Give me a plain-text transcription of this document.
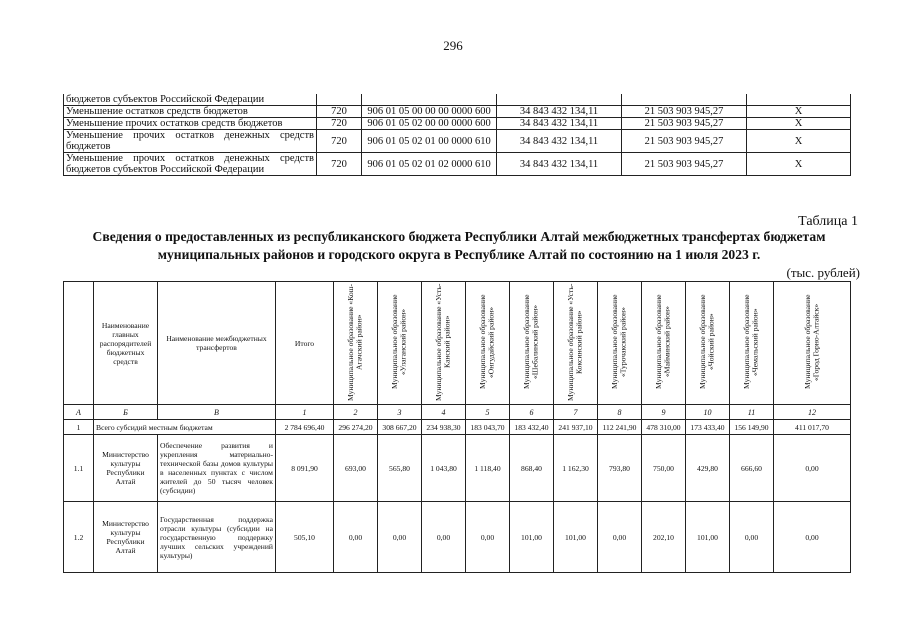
296
бюджетов субъектов Российской Федерации					
Уменьшение остатков средств бюджетов	720	906 01 05 00 00 00 0000 600	34 843 432 134,11	21 503 903 945,27	X
Уменьшение прочих остатков средств бюджетов	720	906 01 05 02 00 00 0000 600	34 843 432 134,11	21 503 903 945,27	X
Уменьшение прочих остатков денежных средств бюджетов	720	906 01 05 02 01 00 0000 610	34 843 432 134,11	21 503 903 945,27	X
Уменьшение прочих остатков денежных средств бюджетов субъектов Российской Федерации	720	906 01 05 02 01 02 0000 610	34 843 432 134,11	21 503 903 945,27	X
Таблица 1
Сведения о предоставленных из республиканского бюджета Республики Алтай межбюджетных трансфертах бюджетам муниципальных районов и городского округа в Республике Алтай по состоянию на 1 июля 2023 г.
(тыс. рублей)
	Наименование главных распорядителей бюджетных средств	Наименование межбюджетных трансфертов	Итого	Муниципальное образование «Кош-Агачский район»	Муниципальное образование «Улаганский район»	Муниципальное образование «Усть-Канский район»	Муниципальное образование «Онгудайский район»	Муниципальное образование «Шебалинский район»	Муниципальное образование «Усть-Коксинский район»	Муниципальное образование «Турочакский район»	Муниципальное образование «Майминский район»	Муниципальное образование «Чойский район»	Муниципальное образование «Чемальский район»	Муниципальное образование «Город Горно-Алтайск»
А	Б	В	1	2	3	4	5	6	7	8	9	10	11	12
1	Всего субсидий местным бюджетам		2 784 696,40	296 274,20	308 667,20	234 938,30	183 043,70	183 432,40	241 937,10	112 241,90	478 310,00	173 433,40	156 149,90	411 017,70
1.1	Министерство культуры Республики Алтай	Обеспечение развития и укрепления материально-технической базы домов культуры в населенных пунктах с числом жителей до 50 тысяч человек (субсидии)	8 091,90	693,00	565,80	1 043,80	1 118,40	868,40	1 162,30	793,80	750,00	429,80	666,60	0,00
1.2	Министерство культуры Республики Алтай	Государственная поддержка отрасли культуры (субсидии на государственную поддержку лучших сельских учреждений культуры)	505,10	0,00	0,00	0,00	0,00	101,00	101,00	0,00	202,10	101,00	0,00	0,00
